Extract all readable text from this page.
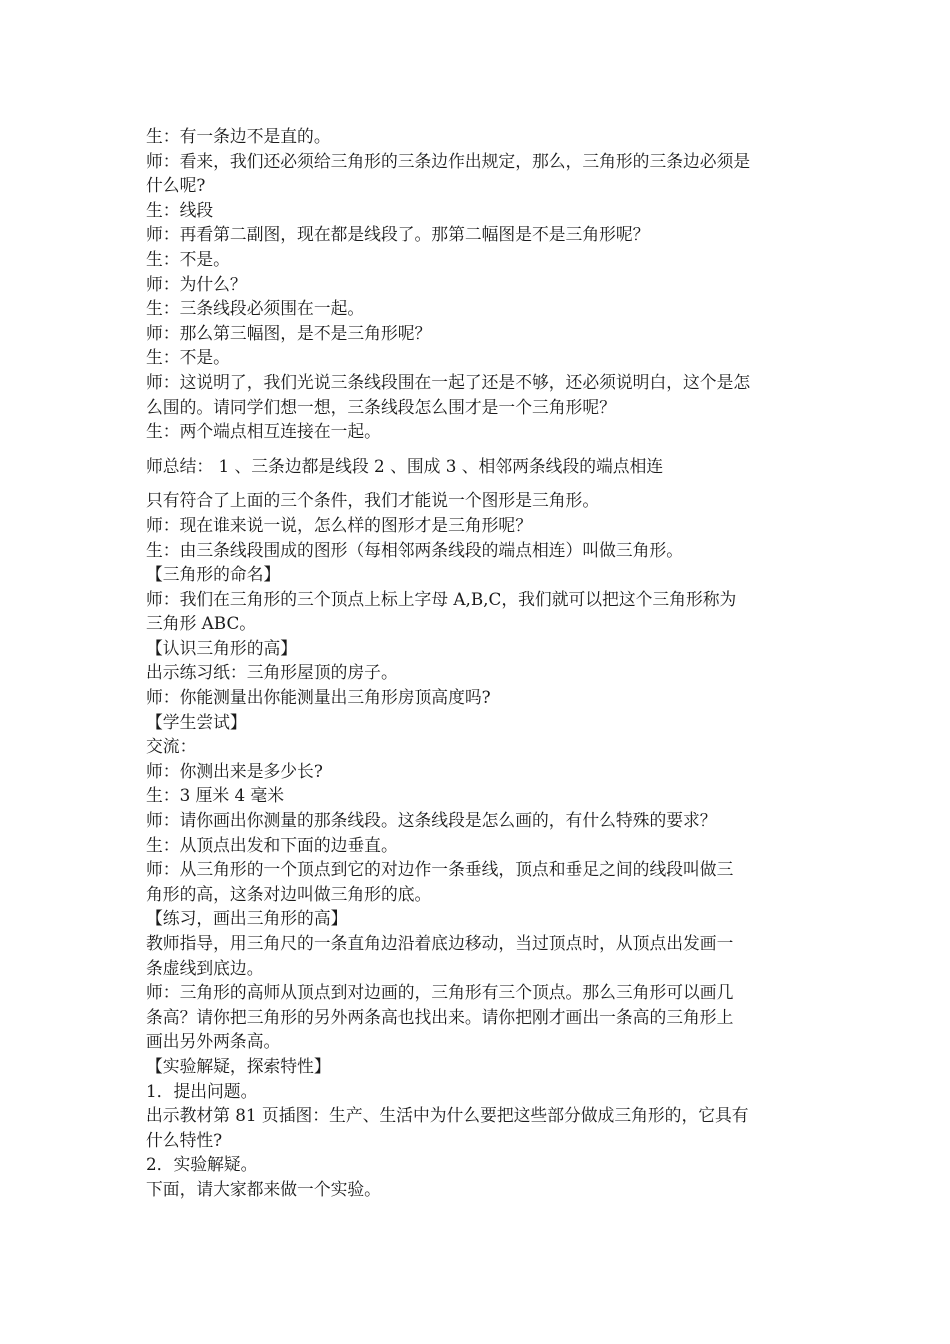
生：有一条边不是直的。
师：看来，我们还必须给三角形的三条边作出规定，那么，三角形的三条边必须是
什么呢?
生：线段
师：再看第二副图，现在都是线段了。那第二幅图是不是三角形呢？
生：不是。
师：为什么？
生：三条线段必须围在一起。
师：那么第三幅图，是不是三角形呢？
生：不是。
师：这说明了，我们光说三条线段围在一起了还是不够，还必须说明白，这个是怎
么围的。请同学们想一想，三条线段怎么围才是一个三角形呢？
生：两个端点相互连接在一起。
师总结： 1 、三条边都是线段 2 、围成 3 、相邻两条线段的端点相连
只有符合了上面的三个条件，我们才能说一个图形是三角形。
师：现在谁来说一说，怎么样的图形才是三角形呢？
生：由三条线段围成的图形（每相邻两条线段的端点相连）叫做三角形。
【三角形的命名】
师：我们在三角形的三个顶点上标上字母 A,B,C，我们就可以把这个三角形称为
三角形 ABC。
【认识三角形的高】
出示练习纸：三角形屋顶的房子。
师：你能测量出你能测量出三角形房顶高度吗?
【学生尝试】
交流：
师：你测出来是多少长?
生：3 厘米 4 毫米
师：请你画出你测量的那条线段。这条线段是怎么画的，有什么特殊的要求？
生：从顶点出发和下面的边垂直。
师：从三角形的一个顶点到它的对边作一条垂线，顶点和垂足之间的线段叫做三
角形的高，这条对边叫做三角形的底。
【练习，画出三角形的高】
教师指导，用三角尺的一条直角边沿着底边移动，当过顶点时，从顶点出发画一
条虚线到底边。
师：三角形的高师从顶点到对边画的，三角形有三个顶点。那么三角形可以画几
条高？请你把三角形的另外两条高也找出来。请你把刚才画出一条高的三角形上
画出另外两条高。
【实验解疑，探索特性】
1．提出问题。
出示教材第 81 页插图：生产、生活中为什么要把这些部分做成三角形的，它具有
什么特性?
2．实验解疑。
下面，请大家都来做一个实验。
